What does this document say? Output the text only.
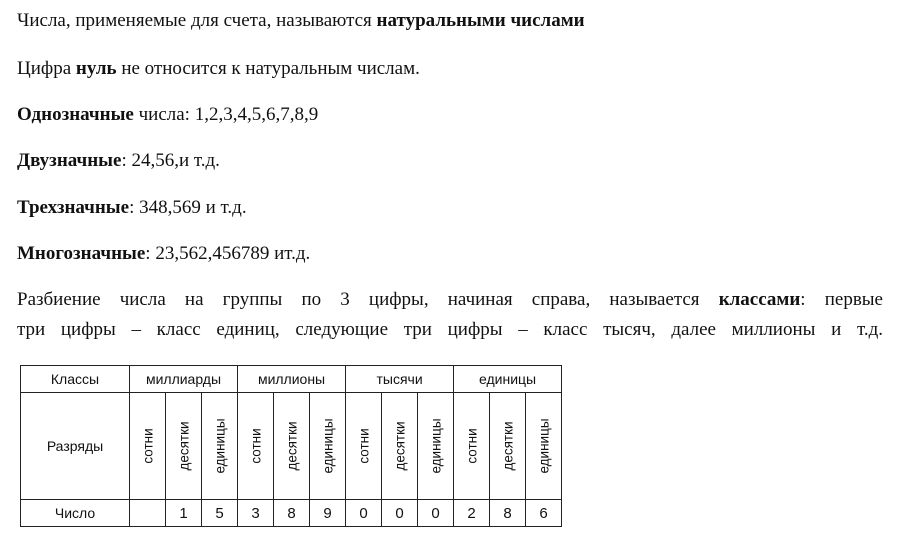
Числа, применяемые для счета, называются натуральными числами
Цифра нуль не относится к натуральным числам.
Однозначные числа: 1,2,3,4,5,6,7,8,9
Двузначные: 24,56,и т.д.
Трехзначные: 348,569 и т.д.
Многозначные: 23,562,456789 ит.д.
Разбиение числа на группы по 3 цифры, начиная справа, называется классами: первые
три цифры – класс единиц, следующие три цифры – класс тысяч, далее миллионы и т.д.
Классы	миллиарды			миллионы			тысячи			единицы		
Разряды	сотни	десятки	единицы	сотни	десятки	единицы	сотни	десятки	единицы	сотни	десятки	единицы

Число		1	5	3	8	9	0	0	0	2	8	6
